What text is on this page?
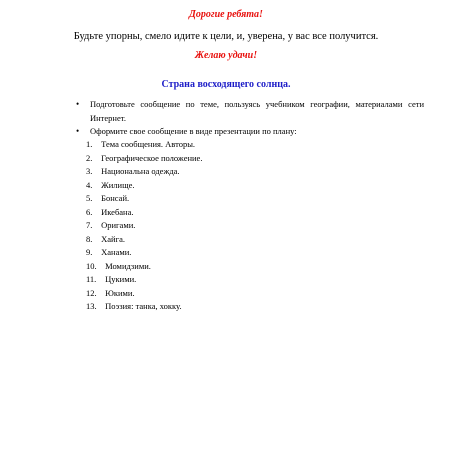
Дорогие ребята!
Будьте упорны, смело идите к цели, и, уверена, у вас все получится.
Желаю удачи!
Страна восходящего солнца.
• Подготовьте сообщение по теме, пользуясь учебником географии, материалами сети Интернет.
• Оформите свое сообщение в виде презентации по плану:
1. Тема сообщения. Авторы.
2. Географическое положение.
3. Национальна одежда.
4. Жилище.
5. Бонсай.
6. Икебана.
7. Оригами.
8. Хайга.
9. Ханами.
10. Момидзими.
11. Цукими.
12. Юкими.
13. Поэзия: танка, хокку.
